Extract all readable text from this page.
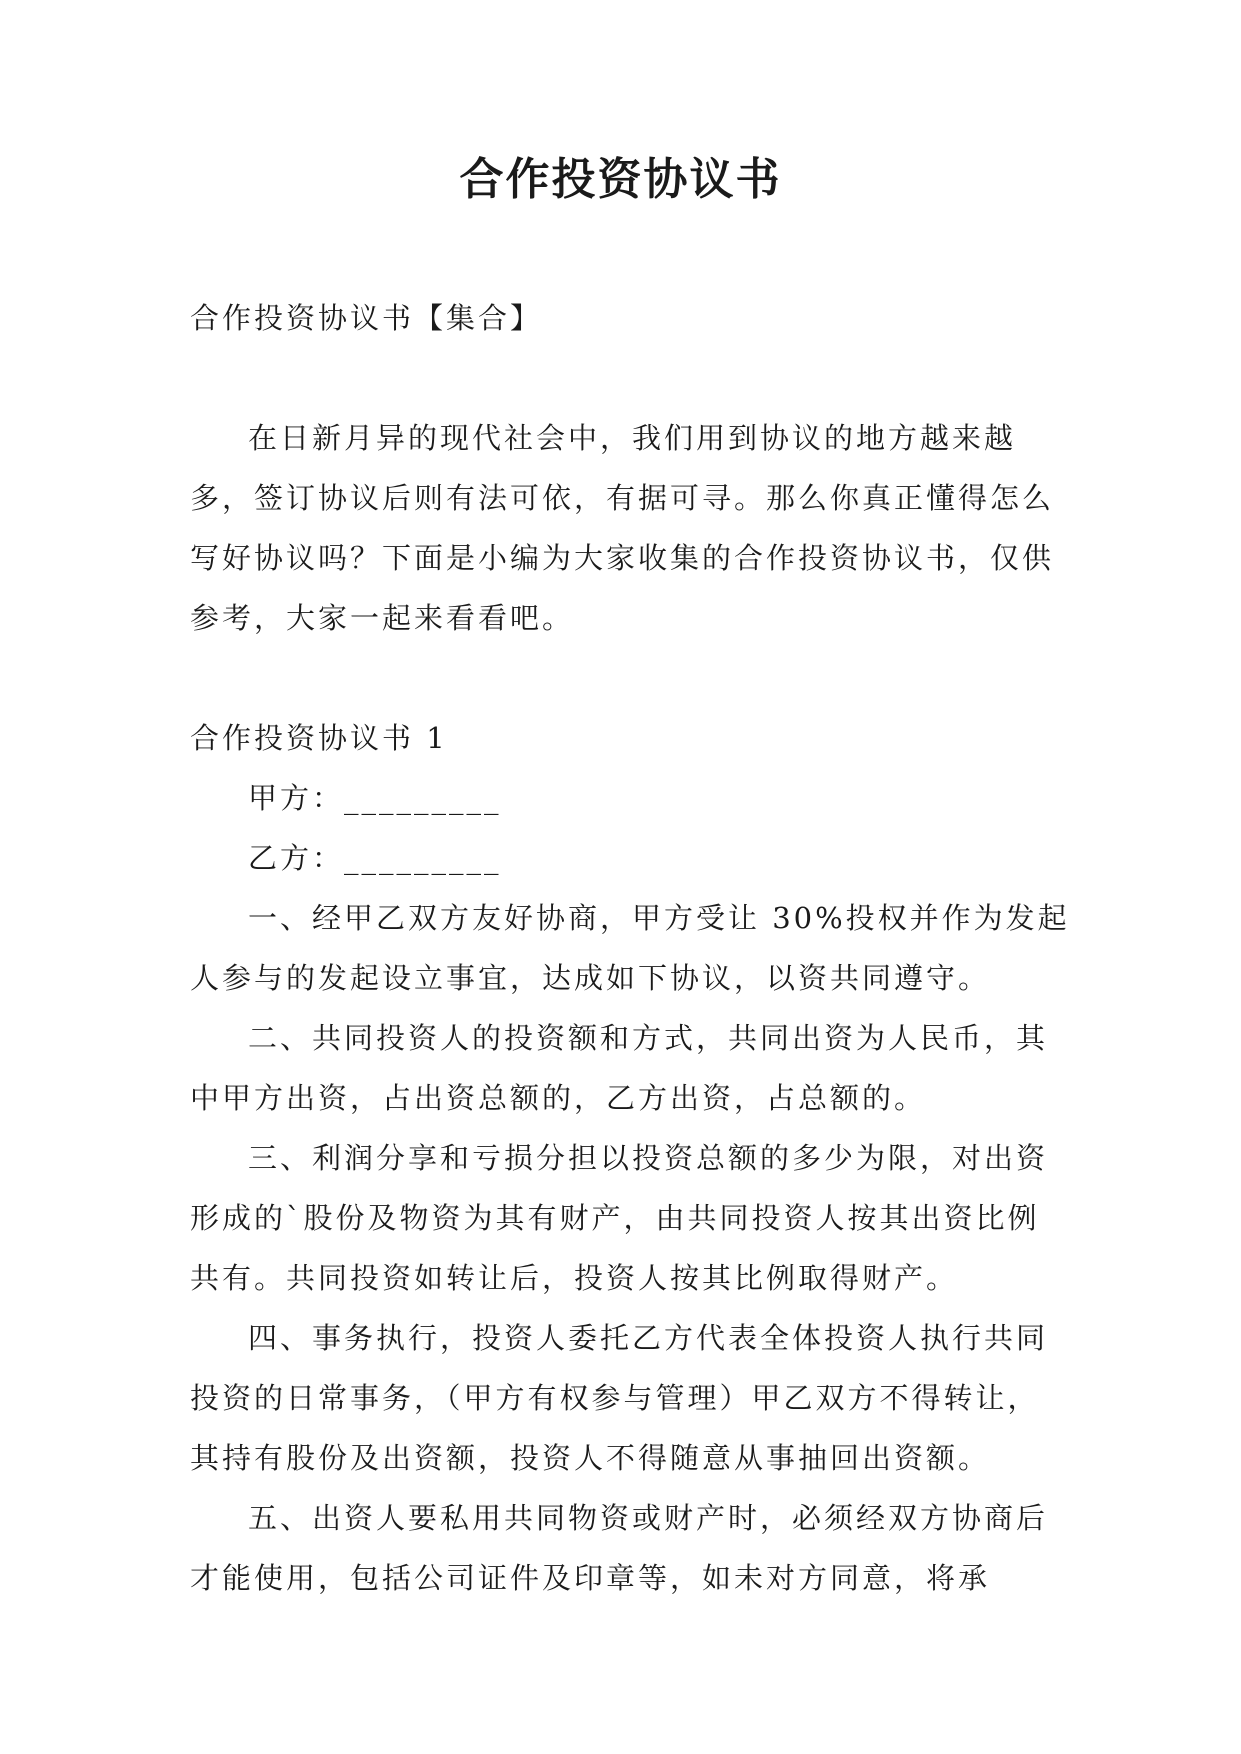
合作投资协议书

合作投资协议书【集合】

在日新月异的现代社会中，我们用到协议的地方越来越多，签订协议后则有法可依，有据可寻。那么你真正懂得怎么写好协议吗？下面是小编为大家收集的合作投资协议书，仅供参考，大家一起来看看吧。

合作投资协议书 1

甲方：_________

乙方：_________

一、经甲乙双方友好协商，甲方受让 30%投权并作为发起人参与的发起设立事宜，达成如下协议，以资共同遵守。

二、共同投资人的投资额和方式，共同出资为人民币，其中甲方出资，占出资总额的，乙方出资，占总额的。

三、利润分享和亏损分担以投资总额的多少为限，对出资形成的`股份及物资为其有财产，由共同投资人按其出资比例共有。共同投资如转让后，投资人按其比例取得财产。

四、事务执行，投资人委托乙方代表全体投资人执行共同投资的日常事务，（甲方有权参与管理）甲乙双方不得转让，其持有股份及出资额，投资人不得随意从事抽回出资额。

五、出资人要私用共同物资或财产时，必须经双方协商后才能使用，包括公司证件及印章等，如未对方同意，将承
